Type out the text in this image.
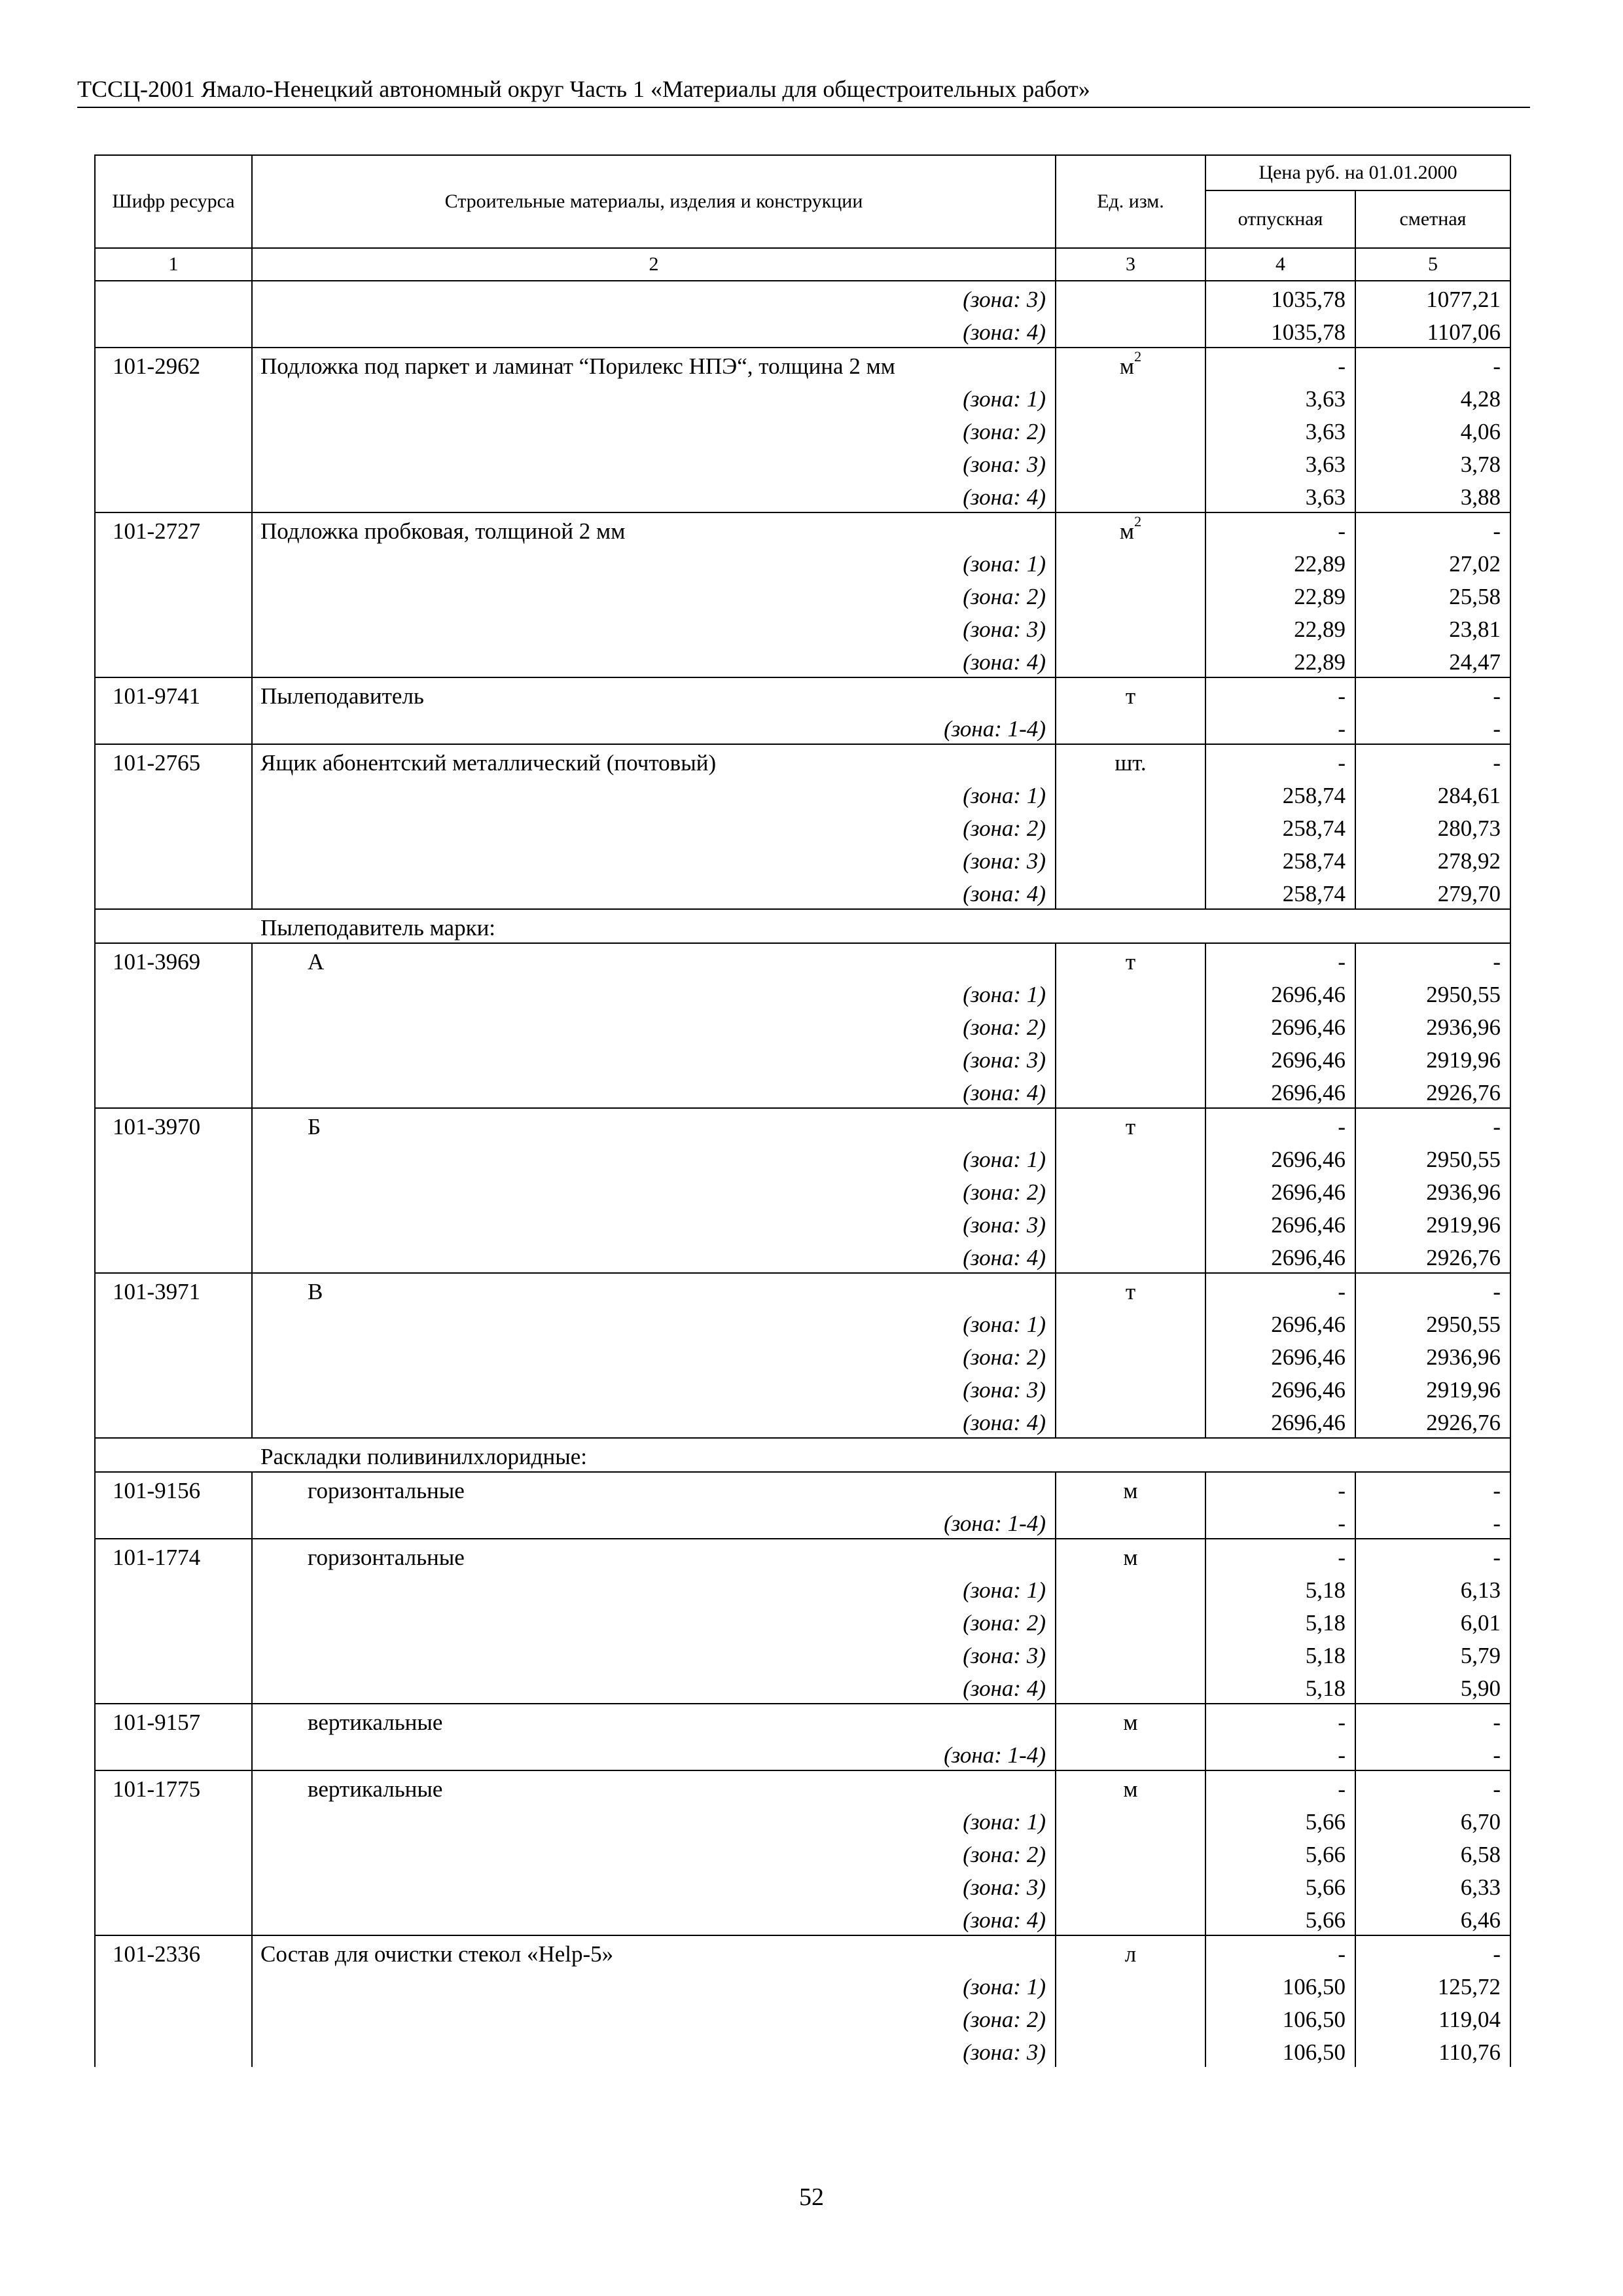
ТССЦ-2001 Ямало-Ненецкий автономный округ Часть 1 «Материалы для общестроительных работ»
Шифр ресурса	Строительные материалы, изделия и конструкции	Ед. изм.	Цена руб. на 01.01.2000	
			отпускная	сметная
1	2	3	4	5
	(зона: 3)		1035,78	1077,21
	(зона: 4)		1035,78	1107,06
101-2962	Подложка под паркет и ламинат “Порилекс НПЭ“, толщина 2 мм	$м^2$	-	-
	(зона: 1)		3,63	4,28
	(зона: 2)		3,63	4,06
	(зона: 3)		3,63	3,78
	(зона: 4)		3,63	3,88
101-2727	Подложка пробковая, толщиной 2 мм	$м^2$	-	-
	(зона: 1)		22,89	27,02
	(зона: 2)		22,89	25,58
	(зона: 3)		22,89	23,81
	(зона: 4)		22,89	24,47
101-9741	Пылеподавитель	т	-	-
	(зона: 1-4)		-	-
101-2765	Ящик абонентский металлический (почтовый)	шт.	-	-
	(зона: 1)		258,74	284,61
	(зона: 2)		258,74	280,73
	(зона: 3)		258,74	278,92
	(зона: 4)		258,74	279,70
Пылеподавитель марки:				
101-3969	А	т	-	-
	(зона: 1)		2696,46	2950,55
	(зона: 2)		2696,46	2936,96
	(зона: 3)		2696,46	2919,96
	(зона: 4)		2696,46	2926,76
101-3970	Б	т	-	-
	(зона: 1)		2696,46	2950,55
	(зона: 2)		2696,46	2936,96
	(зона: 3)		2696,46	2919,96
	(зона: 4)		2696,46	2926,76
101-3971	В	т	-	-
	(зона: 1)		2696,46	2950,55
	(зона: 2)		2696,46	2936,96
	(зона: 3)		2696,46	2919,96
	(зона: 4)		2696,46	2926,76
Раскладки поливинилхлоридные:				
101-9156	горизонтальные	м	-	-
	(зона: 1-4)		-	-
101-1774	горизонтальные	м	-	-
	(зона: 1)		5,18	6,13
	(зона: 2)		5,18	6,01
	(зона: 3)		5,18	5,79
	(зона: 4)		5,18	5,90
101-9157	вертикальные	м	-	-
	(зона: 1-4)		-	-
101-1775	вертикальные	м	-	-
	(зона: 1)		5,66	6,70
	(зона: 2)		5,66	6,58
	(зона: 3)		5,66	6,33
	(зона: 4)		5,66	6,46
101-2336	Состав для очистки стекол «Help-5»	л	-	-
	(зона: 1)		106,50	125,72
	(зона: 2)		106,50	119,04
	(зона: 3)		106,50	110,76
52
